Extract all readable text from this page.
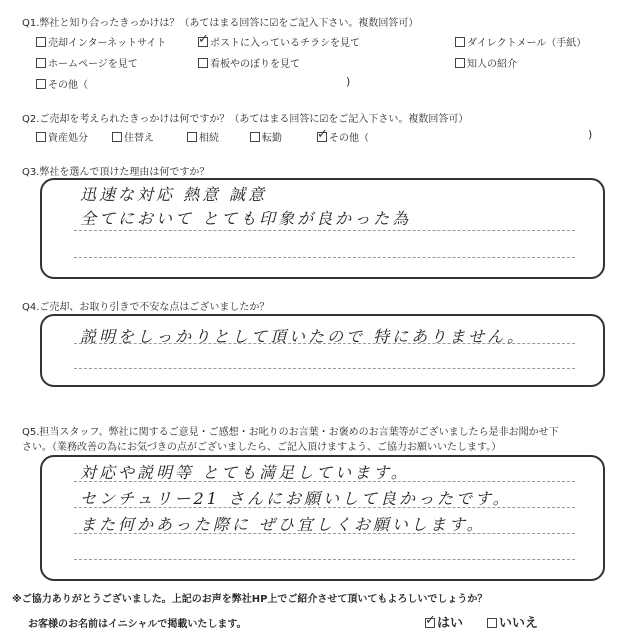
Q1.弊社と知り合ったきっかけは？（あてはまる回答に☑をご記入下さい。複数回答可）
売却インターネットサイト ✓	ポストに入っているチラシを見て	ダイレクトメール（手紙）
ホームページを見て	看板やのぼりを見て	知人の紹介
その他（	)
Q2.ご売却を考えられたきっかけは何ですか？（あてはまる回答に☑をご記入下さい。複数回答可）
資産処分	住替え	相続	転勤 ✓	その他（	)
Q3.弊社を選んで頂けた理由は何ですか？
迅速な対応 熱意 誠意
全てにおいて とても印象が良かった為
Q4.ご売却、お取り引きで不安な点はございましたか？
説明をしっかりとして頂いたので 特にありません。
Q5.担当スタッフ、弊社に関するご意見・ご感想・お叱りのお言葉・お褒めのお言葉等がございましたら是非お聞かせ下
さい。（業務改善の為にお気づきの点がございましたら、ご記入頂けますよう、ご協力お願いいたします。）
対応や説明等 とても満足しています。
センチュリー21 さんにお願いして良かったです。
また何かあった際に ぜひ宜しくお願いします。
※ご協力ありがとうございました。上記のお声を弊社HP上でご紹介させて頂いてもよろしいでしょうか？
お客様のお名前はイニシャルで掲載いたします。 ✓	はい	いいえ
